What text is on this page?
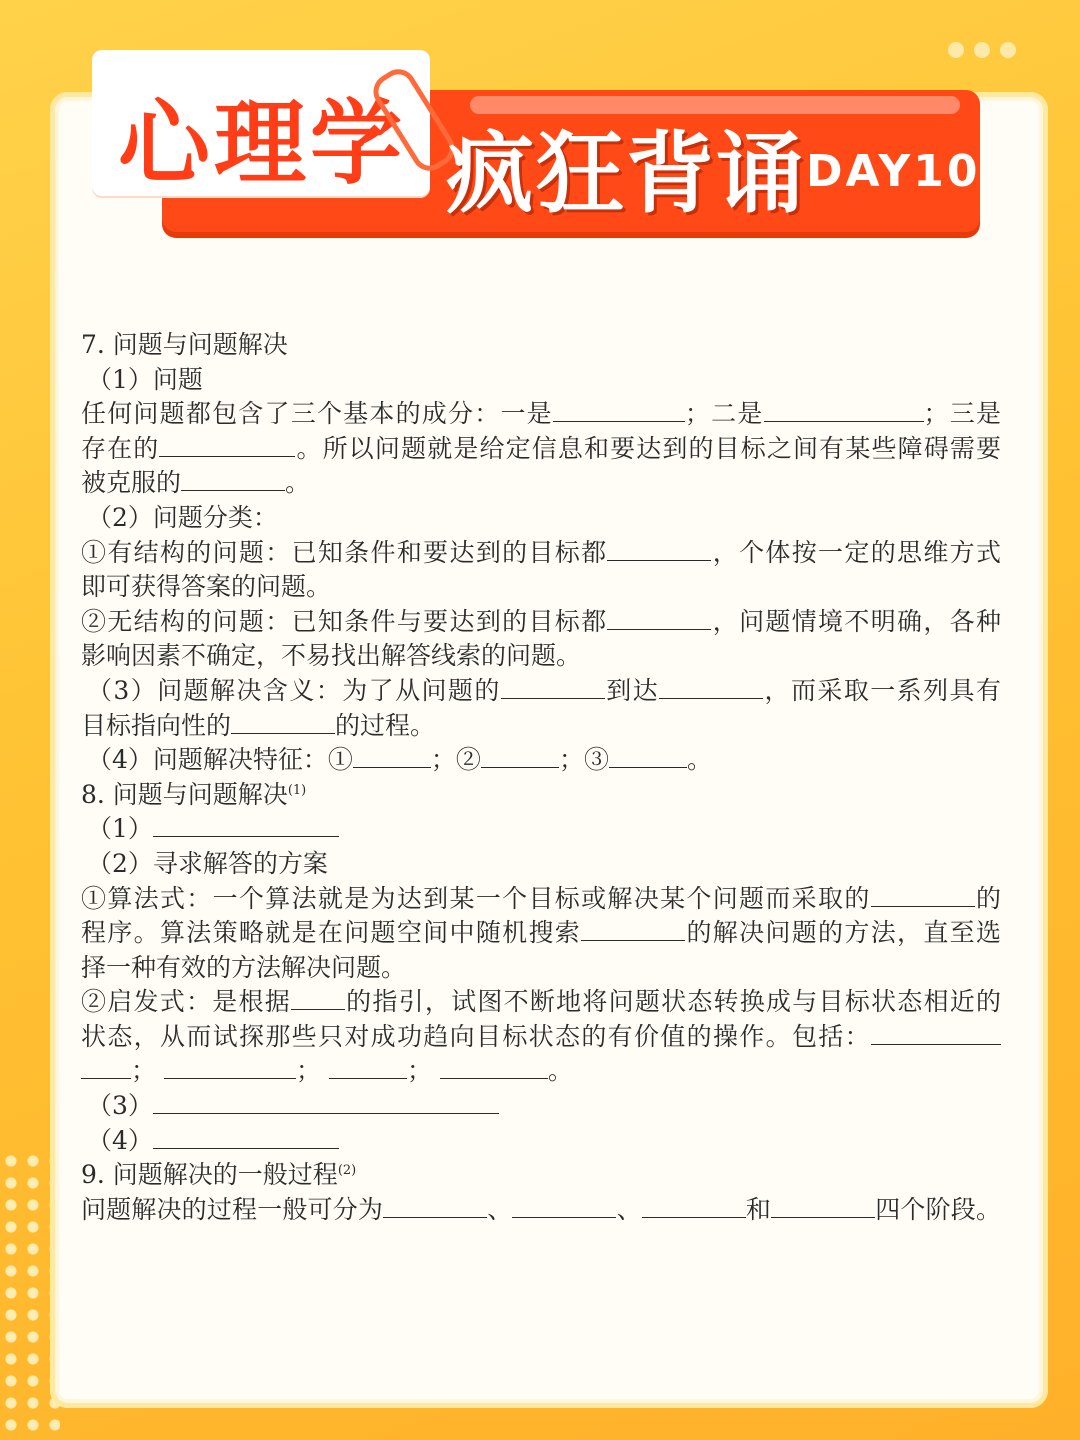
心理学 疯狂背诵 DAY10

7. 问题与问题解决

（1）问题

任何问题都包含了三个基本的成分：一是	；二是	；三是

存在的	。所以问题就是给定信息和要达到的目标之间有某些障碍需要

被克服的	。

（2）问题分类：

①有结构的问题：已知条件和要达到的目标都	，个体按一定的思维方式

即可获得答案的问题。

②无结构的问题：已知条件与要达到的目标都	，问题情境不明确，各种

影响因素不确定，不易找出解答线索的问题。

（3）问题解决含义：为了从问题的	到达	，而采取一系列具有

目标指向性的	的过程。

（4）问题解决特征：①	；②	；③	。

8. 问题与问题解决$^{(1)}$

（1）

（2）寻求解答的方案

①算法式：一个算法就是为达到某一个目标或解决某个问题而采取的	的

程序。算法策略就是在问题空间中随机搜索	的解决问题的方法，直至选

择一种有效的方法解决问题。

②启发式：是根据 的指引，试图不断地将问题状态转换成与目标状态相近的

状态，从而试探那些只对成功趋向目标状态的有价值的操作。包括：

；	；	；	。

（3）

（4）

9. 问题解决的一般过程$^{(2)}$

问题解决的过程一般可分为	、	、	和	四个阶段。
